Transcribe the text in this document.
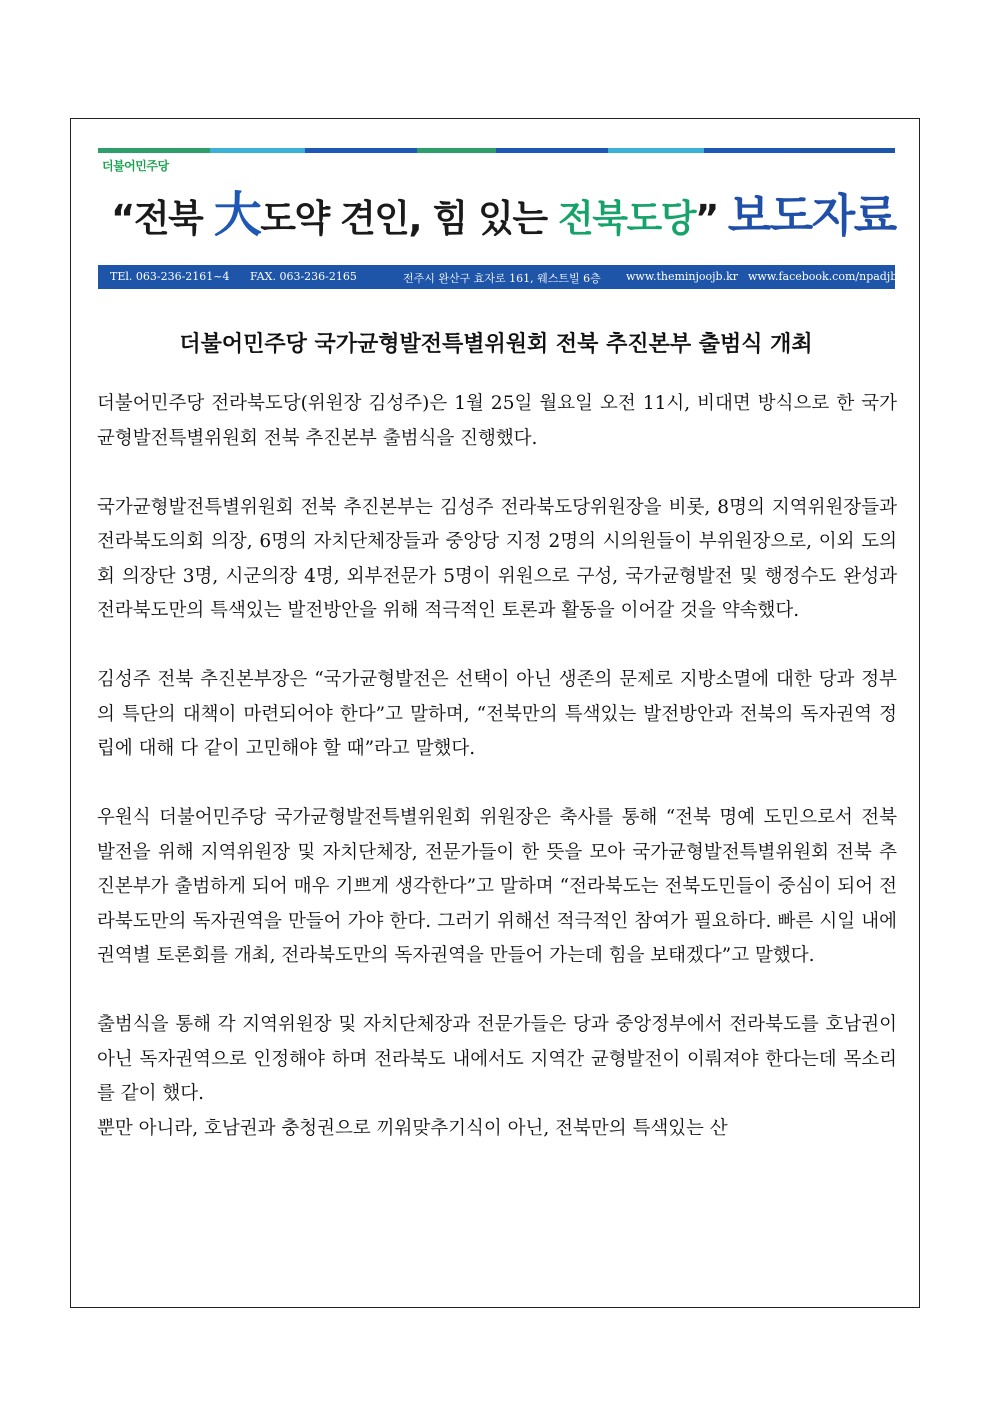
더불어민주당
“전북 大도약 견인, 힘 있는 전북도당” 보도자료
TEl. 063-236-2161~4 FAX. 063-236-2165	전주시 완산구 효자로 161, 웨스트빌 6층 www.theminjoojb.kr www.facebook.com/npadjb
더불어민주당 국가균형발전특별위원회 전북 추진본부 출범식 개최

더불어민주당 전라북도당(위원장 김성주)은 1월 25일 월요일 오전 11시, 비대면 방식으로 한 국가균형발전특별위원회 전북 추진본부 출범식을 진행했다.

국가균형발전특별위원회 전북 추진본부는 김성주 전라북도당위원장을 비롯, 8명의 지역위원장들과 전라북도의회 의장, 6명의 자치단체장들과 중앙당 지정 2명의 시의원들이 부위원장으로, 이외 도의회 의장단 3명, 시군의장 4명, 외부전문가 5명이 위원으로 구성, 국가균형발전 및 행정수도 완성과 전라북도만의 특색있는 발전방안을 위해 적극적인 토론과 활동을 이어갈 것을 약속했다.

김성주 전북 추진본부장은 “국가균형발전은 선택이 아닌 생존의 문제로 지방소멸에 대한 당과 정부의 특단의 대책이 마련되어야 한다”고 말하며, “전북만의 특색있는 발전방안과 전북의 독자권역 정립에 대해 다 같이 고민해야 할 때”라고 말했다.

우원식 더불어민주당 국가균형발전특별위원회 위원장은 축사를 통해 “전북 명예 도민으로서 전북 발전을 위해 지역위원장 및 자치단체장, 전문가들이 한 뜻을 모아 국가균형발전특별위원회 전북 추진본부가 출범하게 되어 매우 기쁘게 생각한다”고 말하며 “전라북도는 전북도민들이 중심이 되어 전라북도만의 독자권역을 만들어 가야 한다. 그러기 위해선 적극적인 참여가 필요하다. 빠른 시일 내에 권역별 토론회를 개최, 전라북도만의 독자권역을 만들어 가는데 힘을 보태겠다”고 말했다.

출범식을 통해 각 지역위원장 및 자치단체장과 전문가들은 당과 중앙정부에서 전라북도를 호남권이 아닌 독자권역으로 인정해야 하며 전라북도 내에서도 지역간 균형발전이 이뤄져야 한다는데 목소리를 같이 했다.

뿐만 아니라, 호남권과 충청권으로 끼워맞추기식이 아닌, 전북만의 특색있는 산
